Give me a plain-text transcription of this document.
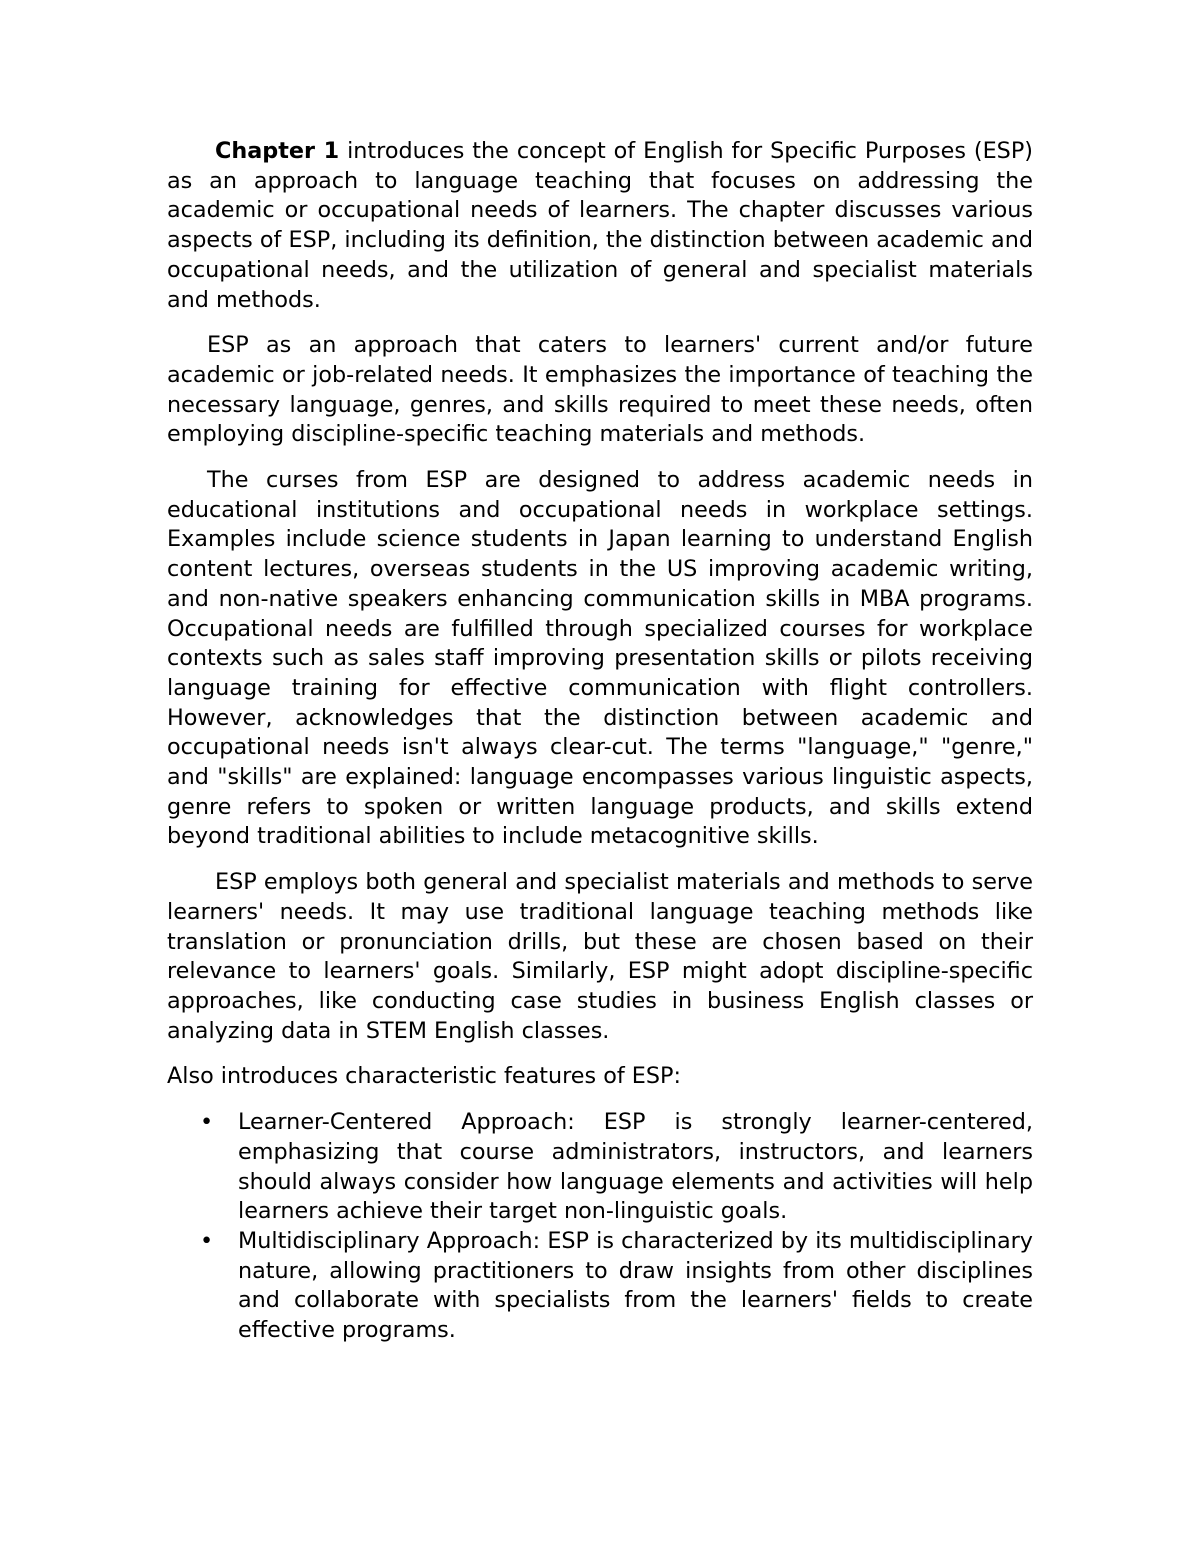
Chapter 1 introduces the concept of English for Specific Purposes (ESP) as an approach to language teaching that focuses on addressing the academic or occupational needs of learners. The chapter discusses various aspects of ESP, including its definition, the distinction between academic and occupational needs, and the utilization of general and specialist materials and methods.

ESP as an approach that caters to learners' current and/or future academic or job-related needs. It emphasizes the importance of teaching the necessary language, genres, and skills required to meet these needs, often employing discipline-specific teaching materials and methods.

The curses from ESP are designed to address academic needs in educational institutions and occupational needs in workplace settings. Examples include science students in Japan learning to understand English content lectures, overseas students in the US improving academic writing, and non-native speakers enhancing communication skills in MBA programs. Occupational needs are fulfilled through specialized courses for workplace contexts such as sales staff improving presentation skills or pilots receiving language training for effective communication with flight controllers. However, acknowledges that the distinction between academic and occupational needs isn't always clear-cut. The terms "language," "genre," and "skills" are explained: language encompasses various linguistic aspects, genre refers to spoken or written language products, and skills extend beyond traditional abilities to include metacognitive skills.

ESP employs both general and specialist materials and methods to serve learners' needs. It may use traditional language teaching methods like translation or pronunciation drills, but these are chosen based on their relevance to learners' goals. Similarly, ESP might adopt discipline-specific approaches, like conducting case studies in business English classes or analyzing data in STEM English classes.

Also introduces characteristic features of ESP:

• Learner-Centered Approach: ESP is strongly learner-centered, emphasizing that course administrators, instructors, and learners should always consider how language elements and activities will help learners achieve their target non-linguistic goals.
• Multidisciplinary Approach: ESP is characterized by its multidisciplinary nature, allowing practitioners to draw insights from other disciplines and collaborate with specialists from the learners' fields to create effective programs.
